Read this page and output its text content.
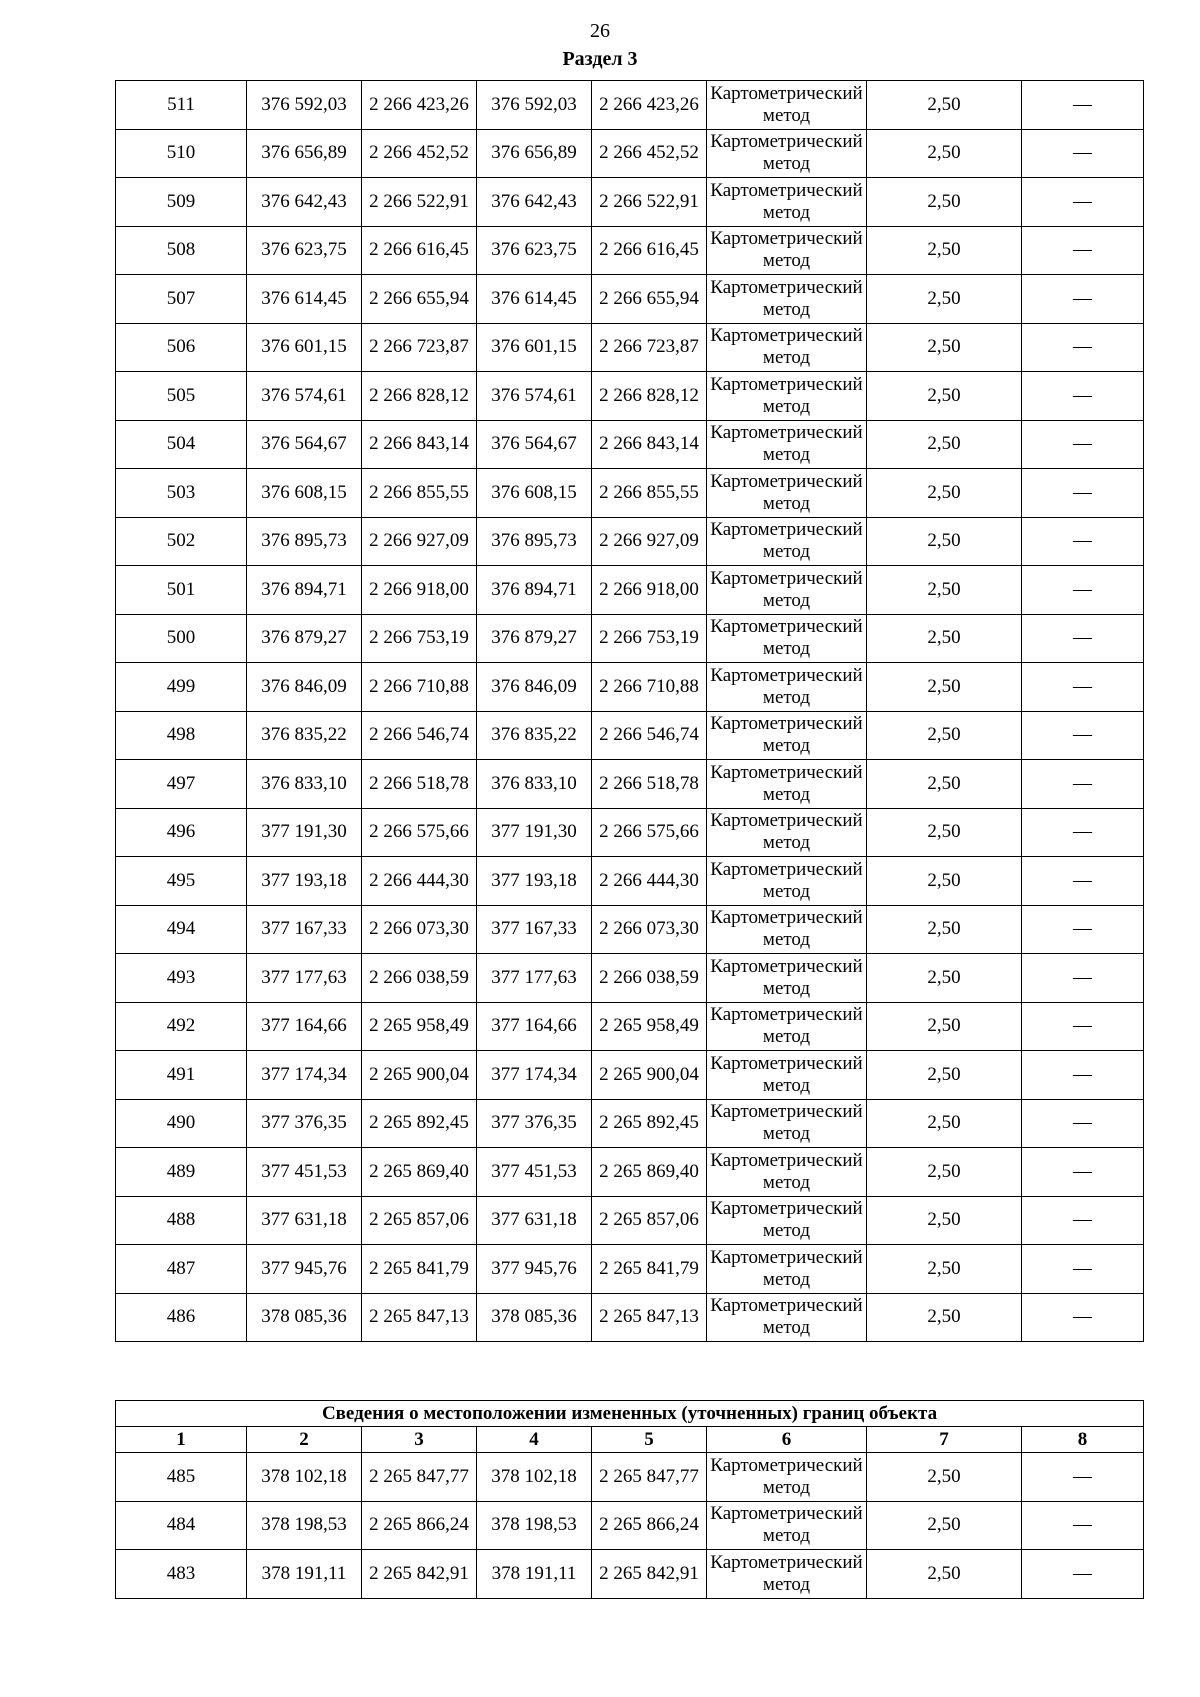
26
Раздел 3
511	376 592,03	2 266 423,26	376 592,03	2 266 423,26	Картометрический метод	2,50	—
510	376 656,89	2 266 452,52	376 656,89	2 266 452,52	Картометрический метод	2,50	—
509	376 642,43	2 266 522,91	376 642,43	2 266 522,91	Картометрический метод	2,50	—
508	376 623,75	2 266 616,45	376 623,75	2 266 616,45	Картометрический метод	2,50	—
507	376 614,45	2 266 655,94	376 614,45	2 266 655,94	Картометрический метод	2,50	—
506	376 601,15	2 266 723,87	376 601,15	2 266 723,87	Картометрический метод	2,50	—
505	376 574,61	2 266 828,12	376 574,61	2 266 828,12	Картометрический метод	2,50	—
504	376 564,67	2 266 843,14	376 564,67	2 266 843,14	Картометрический метод	2,50	—
503	376 608,15	2 266 855,55	376 608,15	2 266 855,55	Картометрический метод	2,50	—
502	376 895,73	2 266 927,09	376 895,73	2 266 927,09	Картометрический метод	2,50	—
501	376 894,71	2 266 918,00	376 894,71	2 266 918,00	Картометрический метод	2,50	—
500	376 879,27	2 266 753,19	376 879,27	2 266 753,19	Картометрический метод	2,50	—
499	376 846,09	2 266 710,88	376 846,09	2 266 710,88	Картометрический метод	2,50	—
498	376 835,22	2 266 546,74	376 835,22	2 266 546,74	Картометрический метод	2,50	—
497	376 833,10	2 266 518,78	376 833,10	2 266 518,78	Картометрический метод	2,50	—
496	377 191,30	2 266 575,66	377 191,30	2 266 575,66	Картометрический метод	2,50	—
495	377 193,18	2 266 444,30	377 193,18	2 266 444,30	Картометрический метод	2,50	—
494	377 167,33	2 266 073,30	377 167,33	2 266 073,30	Картометрический метод	2,50	—
493	377 177,63	2 266 038,59	377 177,63	2 266 038,59	Картометрический метод	2,50	—
492	377 164,66	2 265 958,49	377 164,66	2 265 958,49	Картометрический метод	2,50	—
491	377 174,34	2 265 900,04	377 174,34	2 265 900,04	Картометрический метод	2,50	—
490	377 376,35	2 265 892,45	377 376,35	2 265 892,45	Картометрический метод	2,50	—
489	377 451,53	2 265 869,40	377 451,53	2 265 869,40	Картометрический метод	2,50	—
488	377 631,18	2 265 857,06	377 631,18	2 265 857,06	Картометрический метод	2,50	—
487	377 945,76	2 265 841,79	377 945,76	2 265 841,79	Картометрический метод	2,50	—
486	378 085,36	2 265 847,13	378 085,36	2 265 847,13	Картометрический метод	2,50	—
Сведения о местоположении измененных (уточненных) границ объекта							
1	2	3	4	5	6	7	8
485	378 102,18	2 265 847,77	378 102,18	2 265 847,77	Картометрический метод	2,50	—
484	378 198,53	2 265 866,24	378 198,53	2 265 866,24	Картометрический метод	2,50	—
483	378 191,11	2 265 842,91	378 191,11	2 265 842,91	Картометрический метод	2,50	—
